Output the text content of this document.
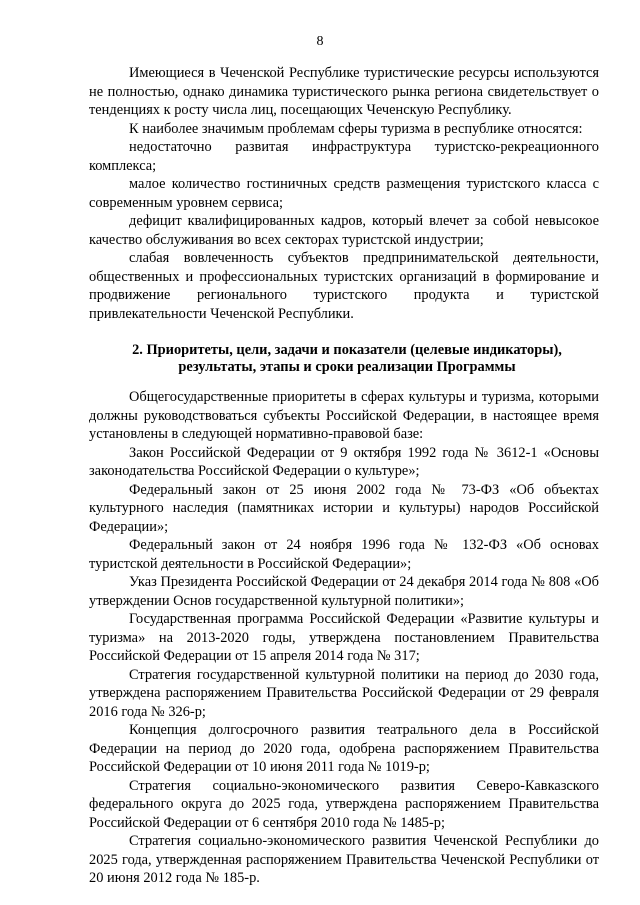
8

Имеющиеся в Чеченской Республике туристические ресурсы используются не полностью, однако динамика туристического рынка региона свидетельствует о тенденциях к росту числа лиц, посещающих Чеченскую Республику.

К наиболее значимым проблемам сферы туризма в республике относятся:

недостаточно развитая инфраструктура туристско-рекреационного комплекса;

малое количество гостиничных средств размещения туристского класса с современным уровнем сервиса;

дефицит квалифицированных кадров, который влечет за собой невысокое качество обслуживания во всех секторах туристской индустрии;

слабая вовлеченность субъектов предпринимательской деятельности, общественных и профессиональных туристских организаций в формирование и продвижение регионального туристского продукта и туристской привлекательности Чеченской Республики.

2. Приоритеты, цели, задачи и показатели (целевые индикаторы),
результаты, этапы и сроки реализации Программы

Общегосударственные приоритеты в сферах культуры и туризма, которыми должны руководствоваться субъекты Российской Федерации, в настоящее время установлены в следующей нормативно-правовой базе:

Закон Российской Федерации от 9 октября 1992 года № 3612-1 «Основы законодательства Российской Федерации о культуре»;

Федеральный закон от 25 июня 2002 года № 73-ФЗ «Об объектах культурного наследия (памятниках истории и культуры) народов Российской Федерации»;

Федеральный закон от 24 ноября 1996 года № 132-ФЗ «Об основах туристской деятельности в Российской Федерации»;

Указ Президента Российской Федерации от 24 декабря 2014 года № 808 «Об утверждении Основ государственной культурной политики»;

Государственная программа Российской Федерации «Развитие культуры и туризма» на 2013-2020 годы, утверждена постановлением Правительства Российской Федерации от 15 апреля 2014 года № 317;

Стратегия государственной культурной политики на период до 2030 года, утверждена распоряжением Правительства Российской Федерации от 29 февраля 2016 года № 326-р;

Концепция долгосрочного развития театрального дела в Российской Федерации на период до 2020 года, одобрена распоряжением Правительства Российской Федерации от 10 июня 2011 года № 1019-р;

Стратегия социально-экономического развития Северо-Кавказского федерального округа до 2025 года, утверждена распоряжением Правительства Российской Федерации от 6 сентября 2010 года № 1485-р;

Стратегия социально-экономического развития Чеченской Республики до 2025 года, утвержденная распоряжением Правительства Чеченской Республики от 20 июня 2012 года № 185-р.
